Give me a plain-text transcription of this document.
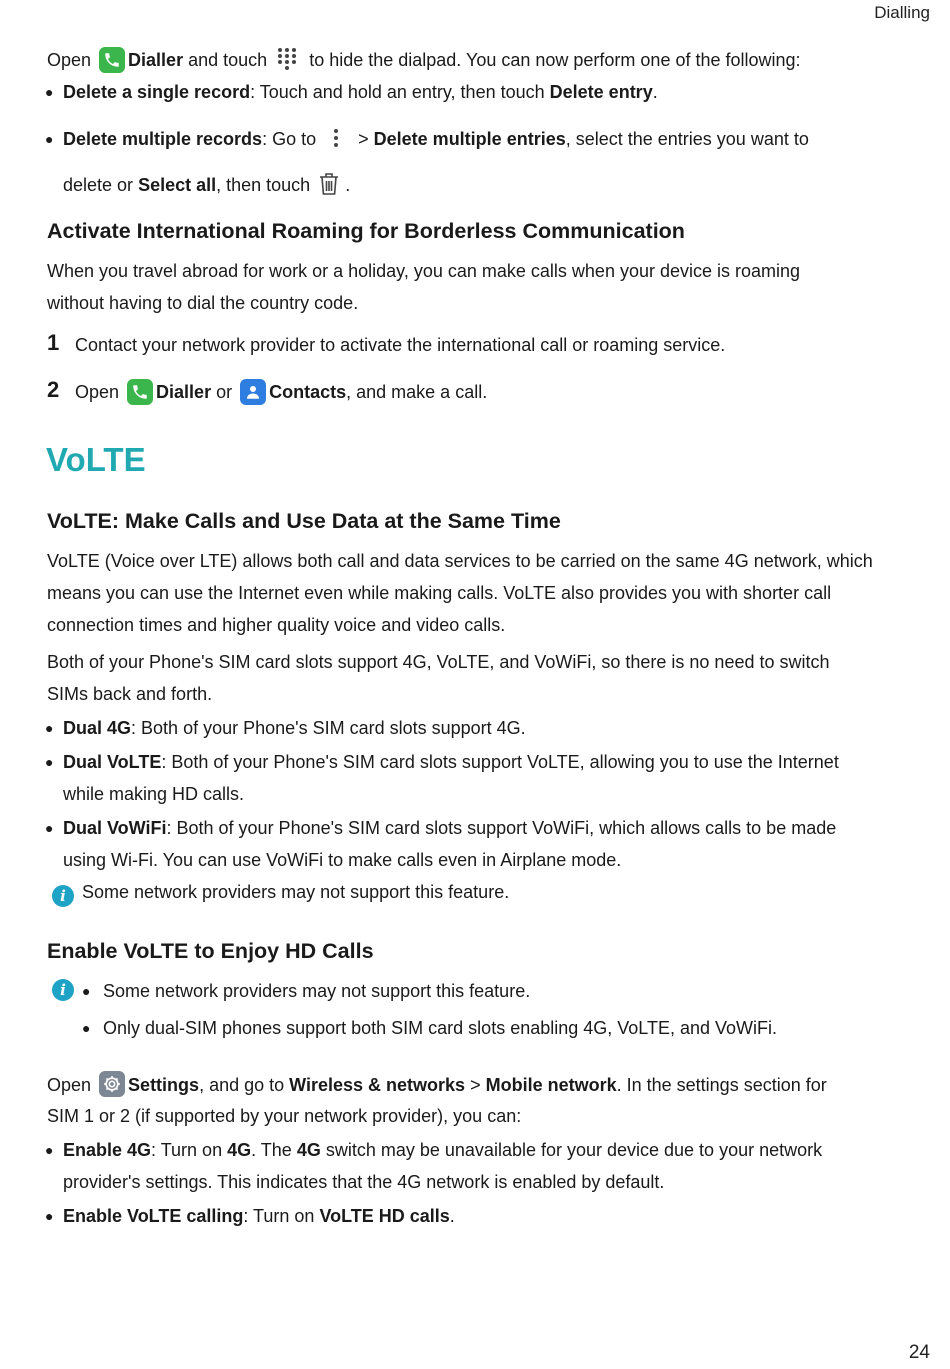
Dialling
Open Dialler and touch to hide the dialpad. You can now perform one of the following:
● Delete a single record: Touch and hold an entry, then touch Delete entry.
● Delete multiple records: Go to > Delete multiple entries, select the entries you want to
delete or Select all, then touch .
Activate International Roaming for Borderless Communication
When you travel abroad for work or a holiday, you can make calls when your device is roaming
without having to dial the country code.
1 Contact your network provider to activate the international call or roaming service.
2 Open Dialler or Contacts, and make a call.
VoLTE
VoLTE: Make Calls and Use Data at the Same Time
VoLTE (Voice over LTE) allows both call and data services to be carried on the same 4G network, which
means you can use the Internet even while making calls. VoLTE also provides you with shorter call
connection times and higher quality voice and video calls.
Both of your Phone's SIM card slots support 4G, VoLTE, and VoWiFi, so there is no need to switch
SIMs back and forth.
● Dual 4G: Both of your Phone's SIM card slots support 4G.
● Dual VoLTE: Both of your Phone's SIM card slots support VoLTE, allowing you to use the Internet
while making HD calls.
● Dual VoWiFi: Both of your Phone's SIM card slots support VoWiFi, which allows calls to be made
using Wi-Fi. You can use VoWiFi to make calls even in Airplane mode.
i Some network providers may not support this feature.
Enable VoLTE to Enjoy HD Calls
i	● Some network providers may not support this feature.
● Only dual-SIM phones support both SIM card slots enabling 4G, VoLTE, and VoWiFi.
Open Settings, and go to Wireless & networks > Mobile network. In the settings section for
SIM 1 or 2 (if supported by your network provider), you can:
● Enable 4G: Turn on 4G. The 4G switch may be unavailable for your device due to your network
provider's settings. This indicates that the 4G network is enabled by default.
● Enable VoLTE calling: Turn on VoLTE HD calls.
24
